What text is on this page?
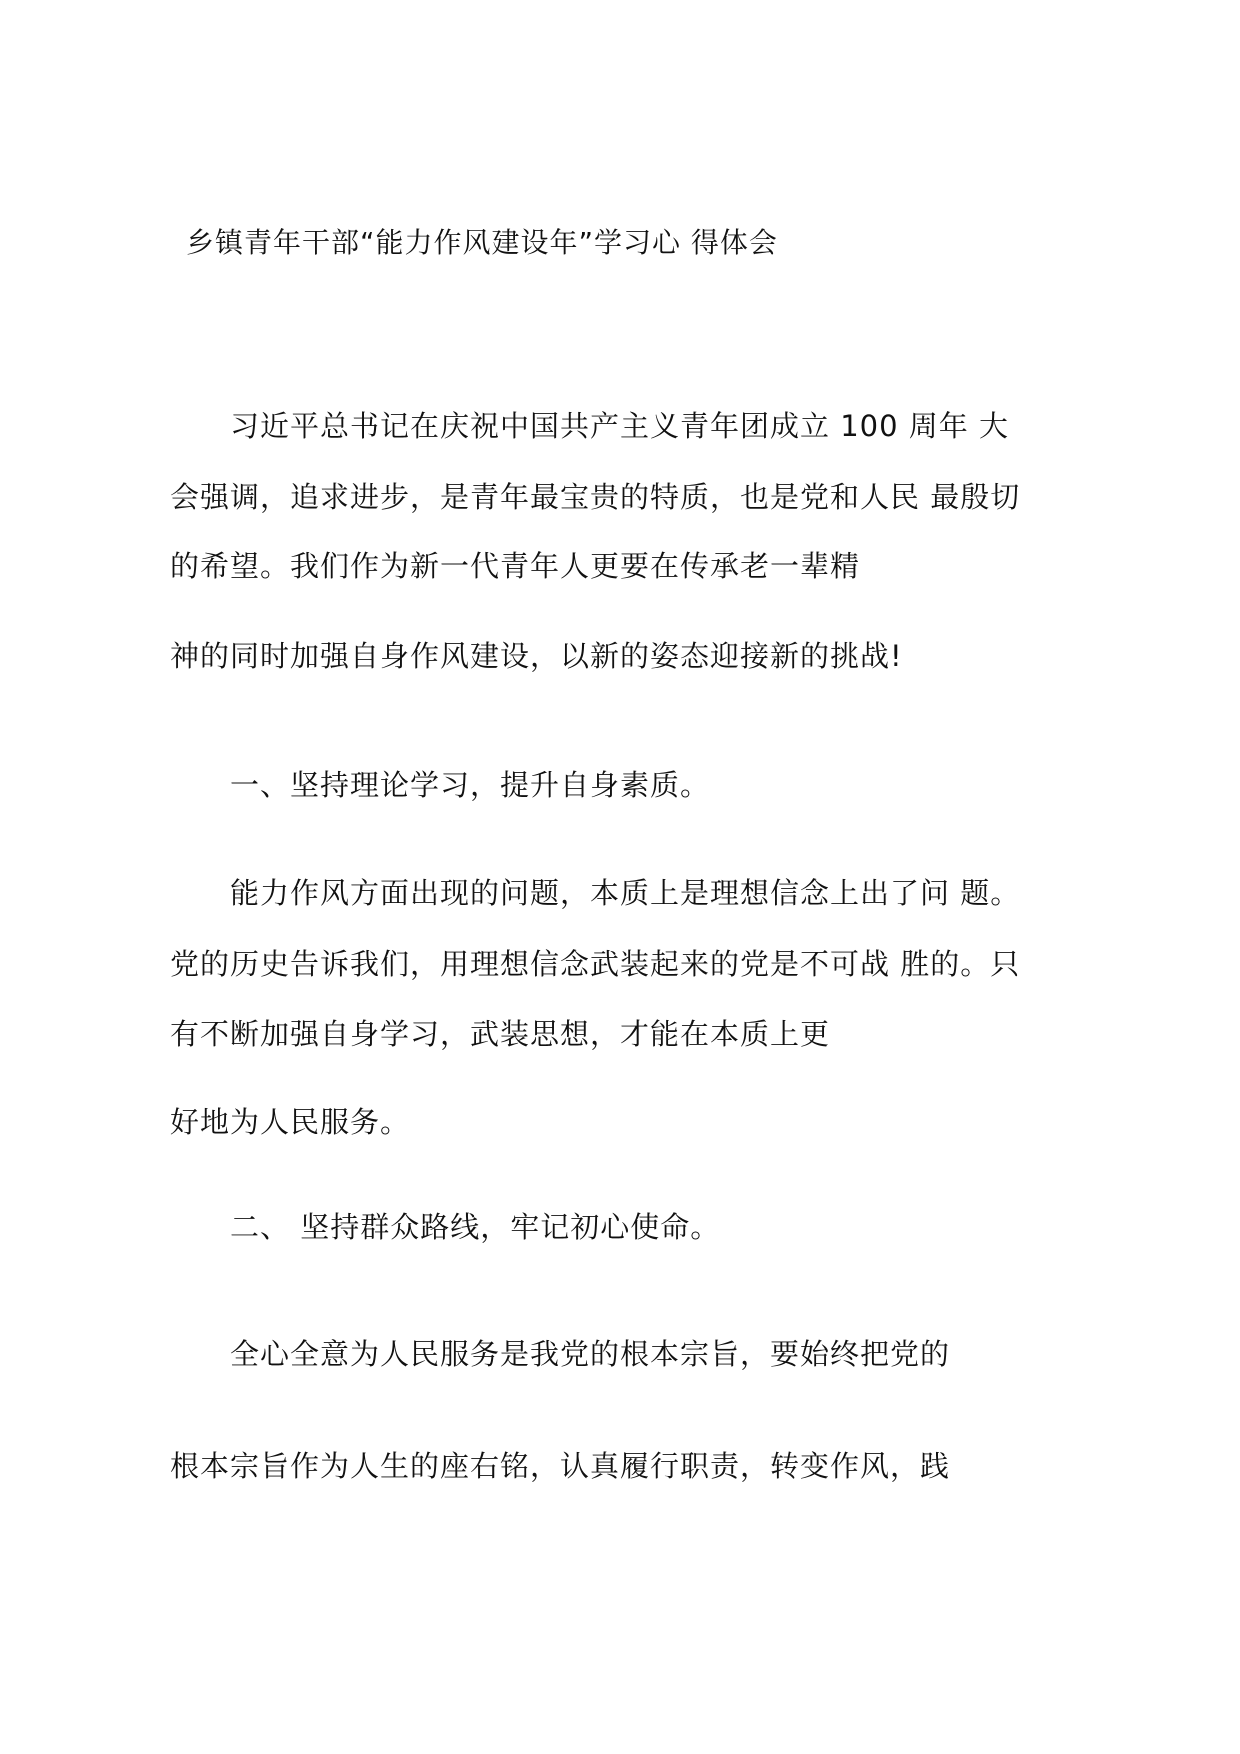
乡镇青年干部“能力作风建设年”学习心 得体会
习近平总书记在庆祝中国共产主义青年团成立 100 周年 大
会强调，追求进步，是青年最宝贵的特质，也是党和人民 最殷切
的希望。我们作为新一代青年人更要在传承老一辈精
神的同时加强自身作风建设，以新的姿态迎接新的挑战!
一、坚持理论学习，提升自身素质。
能力作风方面出现的问题，本质上是理想信念上出了问 题。
党的历史告诉我们，用理想信念武装起来的党是不可战 胜的。只
有不断加强自身学习，武装思想，才能在本质上更
好地为人民服务。
二、 坚持群众路线，牢记初心使命。
全心全意为人民服务是我党的根本宗旨，要始终把党的
根本宗旨作为人生的座右铭，认真履行职责，转变作风，践
